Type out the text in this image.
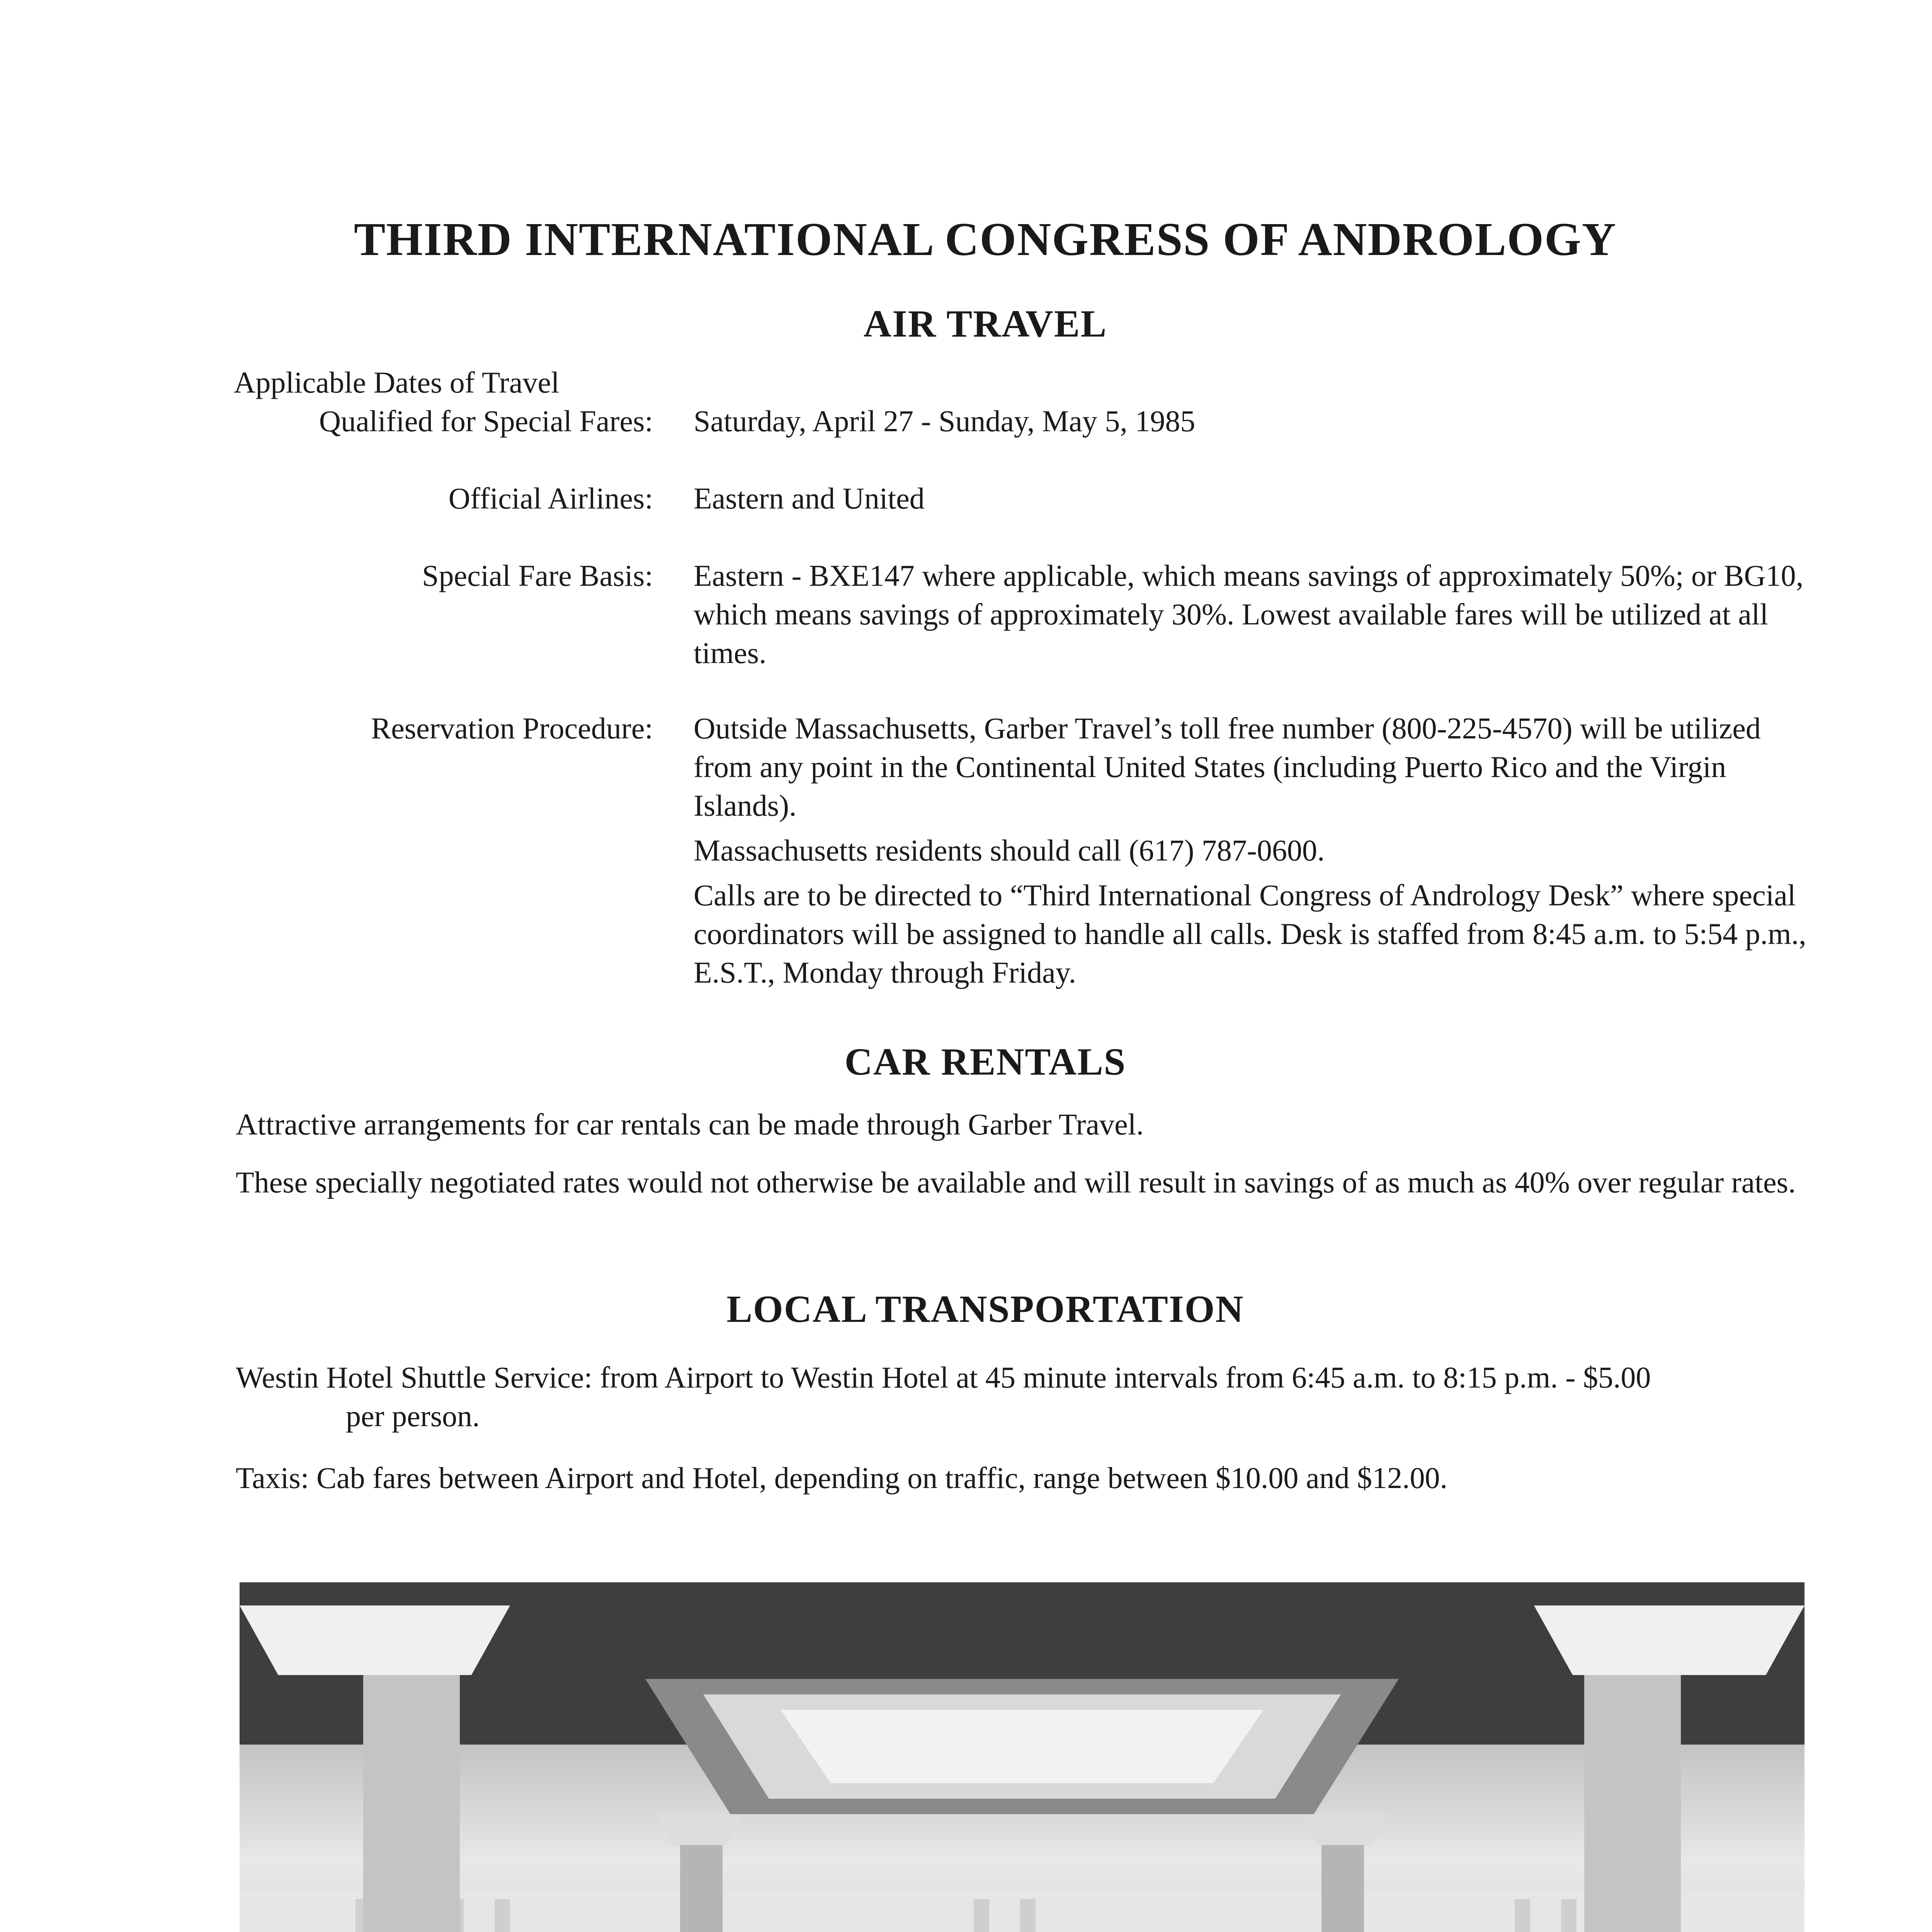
THIRD INTERNATIONAL CONGRESS OF ANDROLOGY
AIR TRAVEL
Applicable Dates of Travel
Qualified for Special Fares: Saturday, April 27 - Sunday, May 5, 1985
Official Airlines: Eastern and United
Special Fare Basis: Eastern - BXE147 where applicable, which means savings of approximately 50%; or BG10, which means savings of approximately 30%. Lowest available fares will be utilized at all times.
Reservation Procedure: Outside Massachusetts, Garber Travel’s toll free number (800-225-4570) will be utilized from any point in the Continental United States (including Puerto Rico and the Virgin Islands).

Massachusetts residents should call (617) 787-0600.

Calls are to be directed to “Third International Congress of Andrology Desk” where special coordinators will be assigned to handle all calls. Desk is staffed from 8:45 a.m. to 5:54 p.m., E.S.T., Monday through Friday.

CAR RENTALS
Attractive arrangements for car rentals can be made through Garber Travel.
These specially negotiated rates would not otherwise be available and will result in savings of as much as 40% over regular rates.
LOCAL TRANSPORTATION
Westin Hotel Shuttle Service: from Airport to Westin Hotel at 45 minute intervals from 6:45 a.m. to 8:15 p.m. - $5.00
per person.
Taxis: Cab fares between Airport and Hotel, depending on traffic, range between $10.00 and $12.00.
